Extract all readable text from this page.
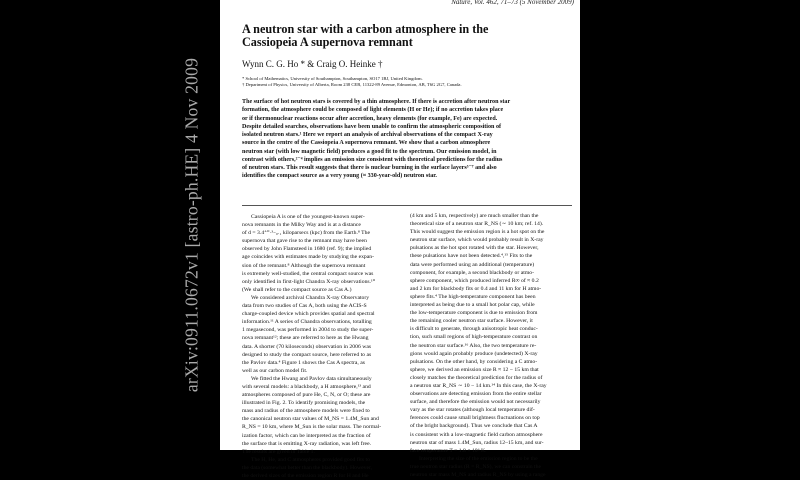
arXiv:0911.0672v1 [astro-ph.HE] 4 Nov 2009
Nature, Vol. 462, 71–73 (5 November 2009)
A neutron star with a carbon atmosphere in the
Cassiopeia A supernova remnant
Wynn C. G. Ho * & Craig O. Heinke †
* School of Mathematics, University of Southampton, Southampton, SO17 1BJ, United Kingdom.
† Department of Physics, University of Alberta, Room 238 CEB, 11322-89 Avenue, Edmonton, AB, T6G 2G7, Canada.
The surface of hot neutron stars is covered by a thin atmosphere. If there is accretion after neutron star
formation, the atmosphere could be composed of light elements (H or He); if no accretion takes place
or if thermonuclear reactions occur after accretion, heavy elements (for example, Fe) are expected.
Despite detailed searches, observations have been unable to confirm the atmospheric composition of
isolated neutron stars.¹ Here we report an analysis of archival observations of the compact X-ray
source in the centre of the Cassiopeia A supernova remnant. We show that a carbon atmosphere
neutron star (with low magnetic field) produces a good fit to the spectrum. Our emission model, in
contrast with others,²⁻⁴ implies an emission size consistent with theoretical predictions for the radius
of neutron stars. This result suggests that there is nuclear burning in the surface layers⁵⁻⁷ and also
identifies the compact source as a very young (≈ 330-year-old) neutron star.
Cassiopeia A is one of the youngest-known super-
nova remnants in the Milky Way and is at a distance
of d = 3.4⁺⁰·³₋₀.₁ kiloparsecs (kpc) from the Earth.⁸ The
supernova that gave rise to the remnant may have been
observed by John Flamsteed in 1680 (ref. 9); the implied
age coincides with estimates made by studying the expan-
sion of the remnant.⁸ Although the supernova remnant
is extremely well-studied, the central compact source was
only identified in first-light Chandra X-ray observations.¹⁰
(We shall refer to the compact source as Cas A.)
We considered archival Chandra X-ray Observatory
data from two studies of Cas A, both using the ACIS-S
charge-coupled device which provides spatial and spectral
information.¹¹ A series of Chandra observations, totalling
1 megasecond, was performed in 2004 to study the super-
nova remnant¹²; these are referred to here as the Hwang
data. A shorter (70 kiloseconds) observation in 2006 was
designed to study the compact source, here referred to as
the Pavlov data.⁴ Figure 1 shows the Cas A spectra, as
well as our carbon model fit.
We fitted the Hwang and Pavlov data simultaneously
with several models: a blackbody, a H atmosphere,¹³ and
atmospheres composed of pure He, C, N, or O; these are
illustrated in Fig. 2. To identify promising models, the
mass and radius of the atmosphere models were fixed to
the canonical neutron star values of M_NS = 1.4M_Sun and
R_NS = 10 km, where M_Sun is the solar mass. The normal-
ization factor, which can be interpreted as the fraction of
the surface that is emitting X-ray radiation, was left free.
The results are given in Table 1.
The H, He, and C atmospheres provided good fits to
the data (somewhat better than the blackbody). However,
the derived sizes of the emission region R for H and He
(4 km and 5 km, respectively) are much smaller than the
theoretical size of a neutron star R_NS (∼ 10 km; ref. 14).
This would suggest the emission region is a hot spot on the
neutron star surface, which would probably result in X-ray
pulsations as the hot spot rotated with the star. However,
these pulsations have not been detected.⁴,¹⁵ Fits to the
data were performed using an additional (temperature)
component, for example, a second blackbody or atmo-
sphere component, which produced inferred R∞ of ≈ 0.2
and 2 km for blackbody fits or 0.4 and 11 km for H atmo-
sphere fits.⁴ The high-temperature component has been
interpreted as being due to a small hot polar cap, while
the low-temperature component is due to emission from
the remaining cooler neutron star surface. However, it
is difficult to generate, through anisotropic heat conduc-
tion, such small regions of high-temperature contrast on
the neutron star surface.¹⁶ Also, the two temperature re-
gions would again probably produce (undetected) X-ray
pulsations. On the other hand, by considering a C atmo-
sphere, we derived an emission size R ≈ 12 − 15 km that
closely matches the theoretical prediction for the radius of
a neutron star R_NS ∼ 10 − 14 km.¹⁴ In this case, the X-ray
observations are detecting emission from the entire stellar
surface, and therefore the emission would not necessarily
vary as the star rotates (although local temperature dif-
ferences could cause small brightness fluctuations on top
of the bright background). Thus we conclude that Cas A
is consistent with a low-magnetic field carbon atmosphere
neutron star of mass 1.4M_Sun, radius 12–15 km, and sur-
face temperature T = 1.8 × 10⁶ K.
Interpreting the size of the emission region to be the
true neutron star radius (R = R_NS), we can constrain the
neutron star mass M_NS and radius R_NS by using a range
